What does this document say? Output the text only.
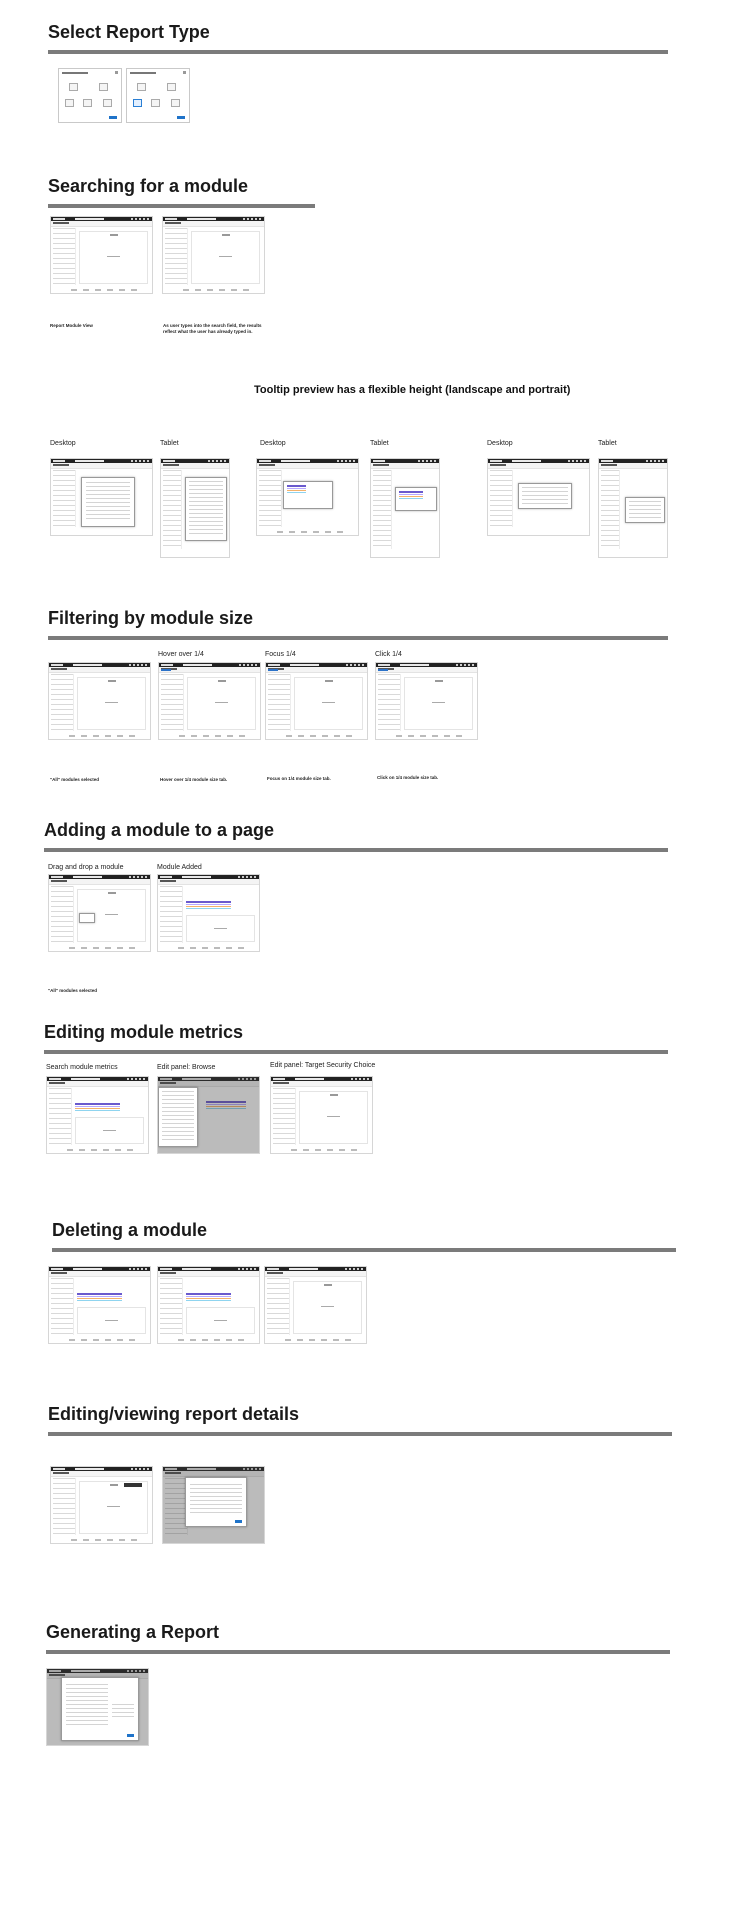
Select Report Type
Searching for a module
Report Module View	As user types into the search field, the results reflect what the user has already typed in.
Tooltip preview has a flexible height (landscape and portrait)
Desktop	Tablet	Desktop	Tablet	Desktop	Tablet
Filtering by module size
Hover over 1/4	Focus 1/4	Click 1/4
"All" modules selected	Hover over 1/4 module size tab.	Focus on 1/4 module size tab.	Click on 1/4 module size tab.
Adding a module to a page
Drag and drop a module	Module Added
"All" modules selected
Editing module metrics
Search module metrics	Edit panel: Browse	Edit panel: Target Security Choice
Deleting a module
Editing/viewing report details
Generating a Report
